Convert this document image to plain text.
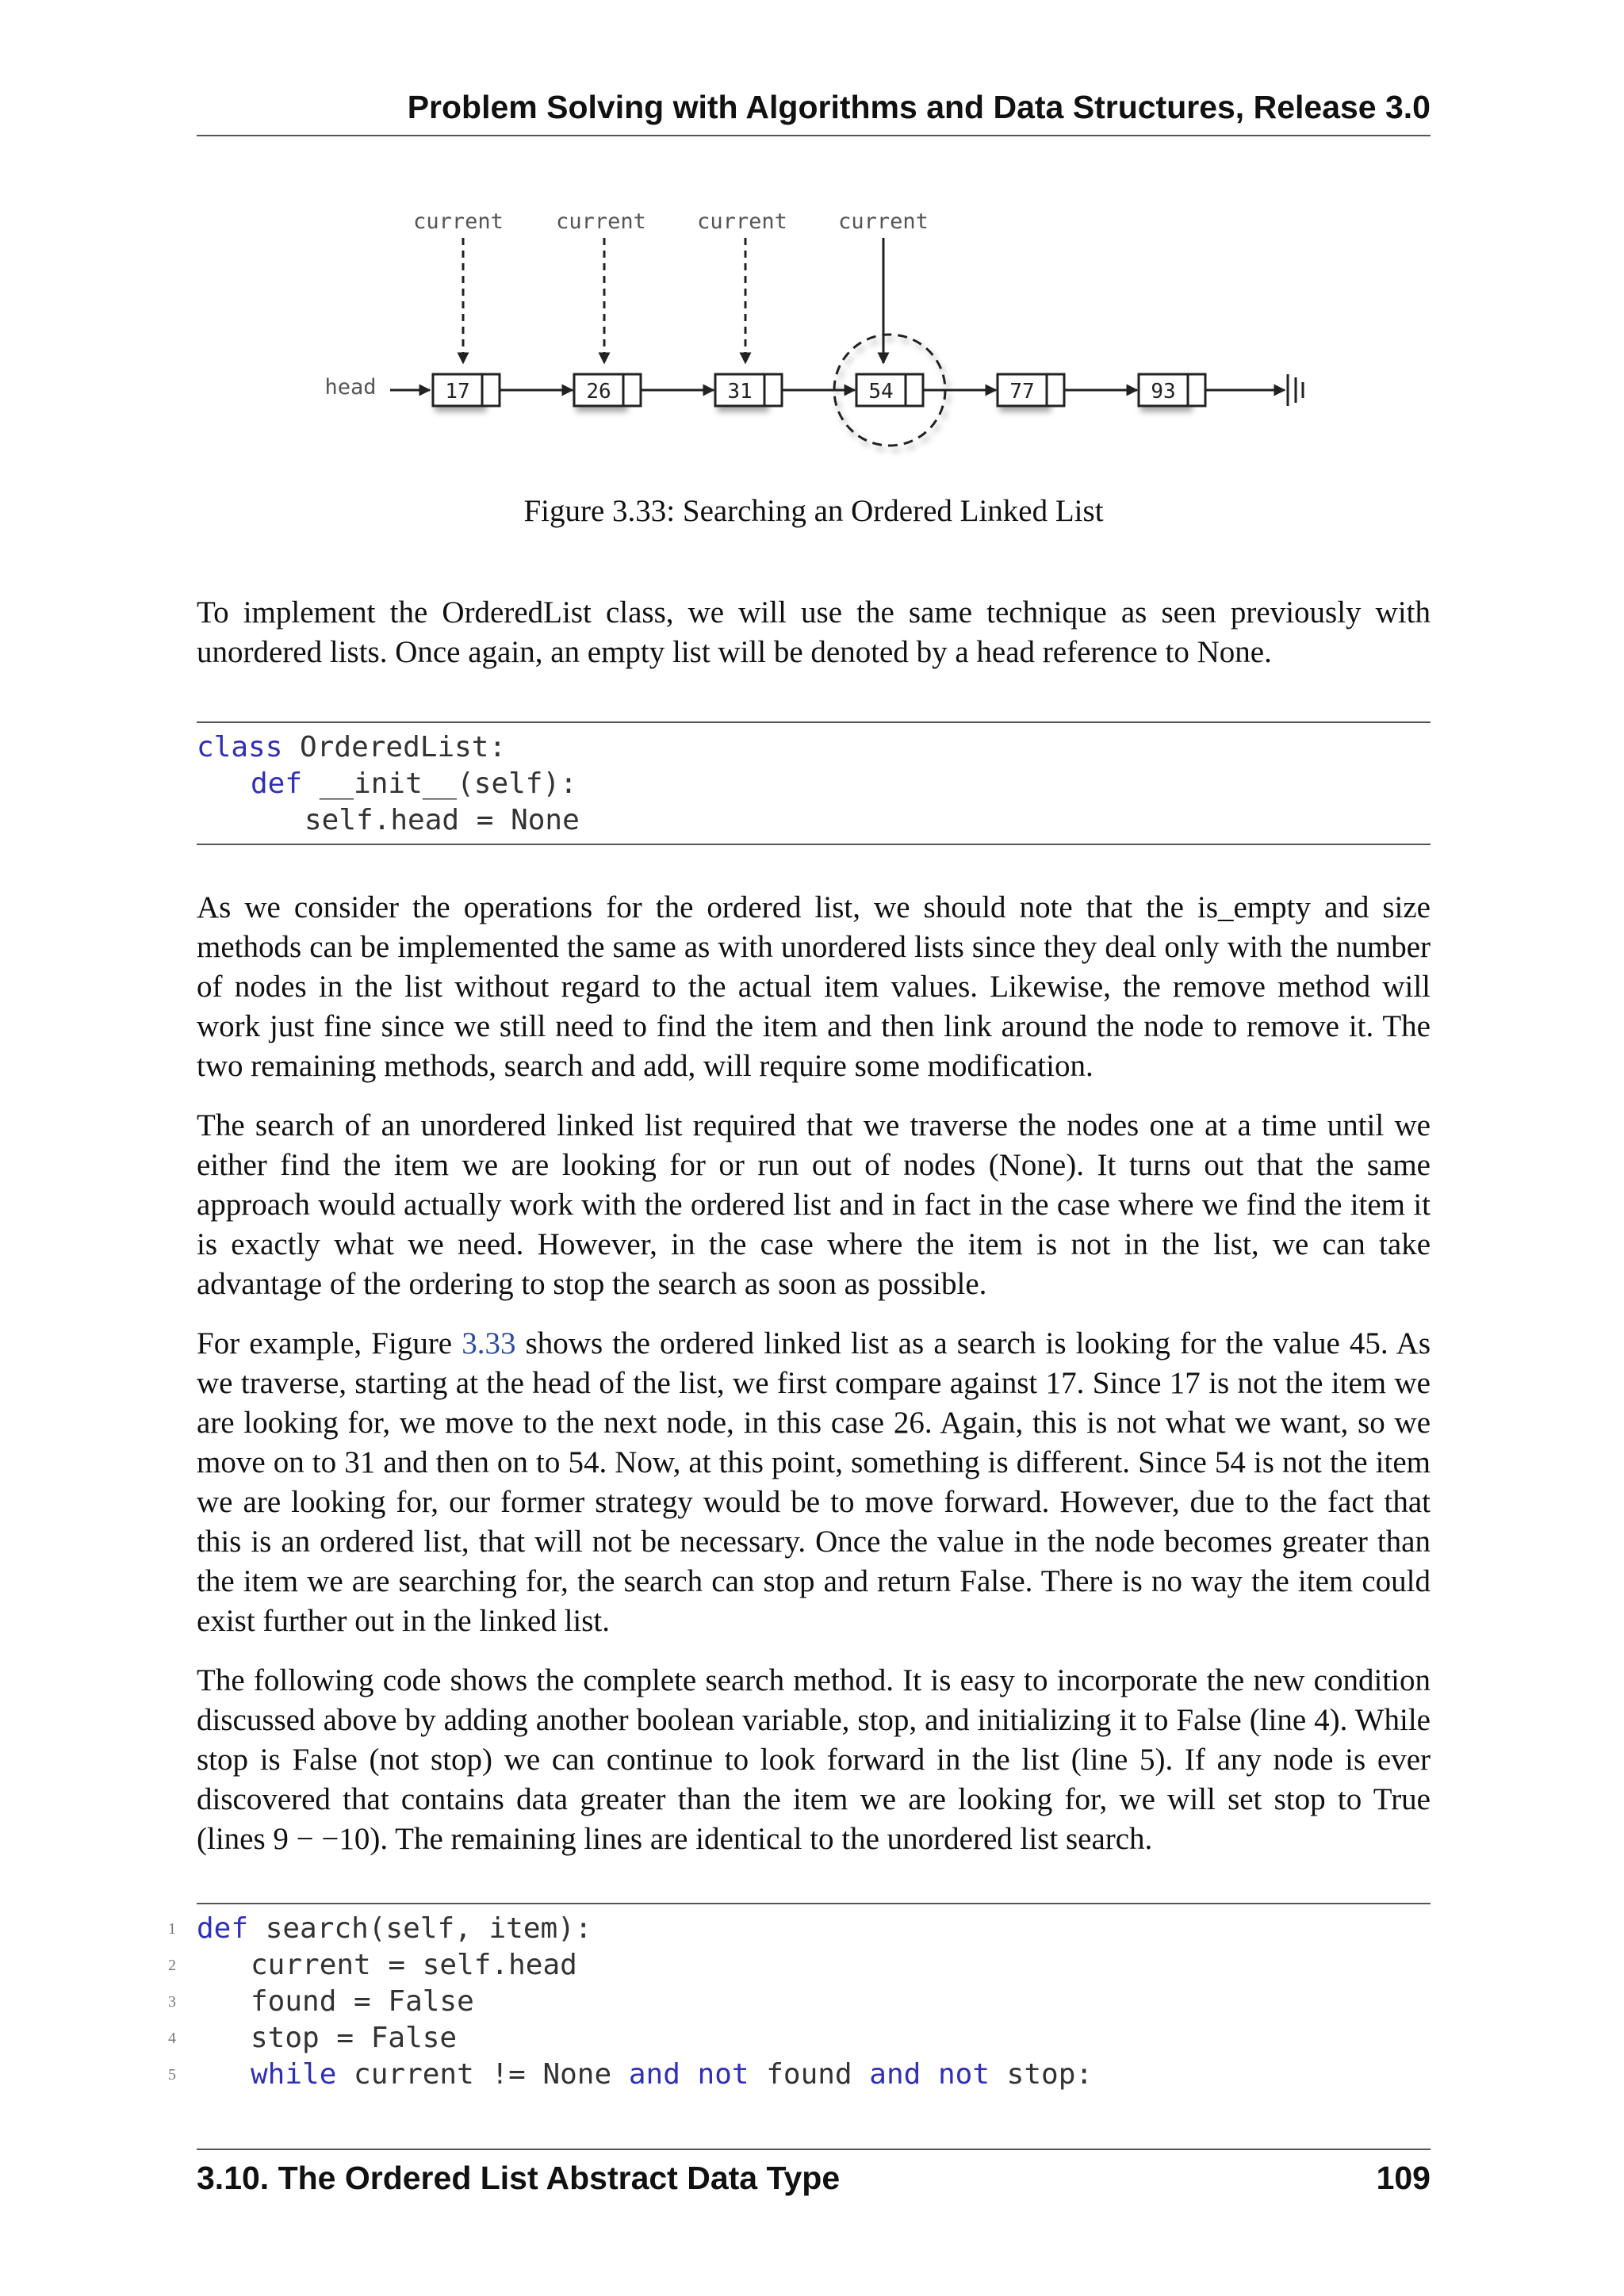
Problem Solving with Algorithms and Data Structures, Release 3.0
current current current current
head	17	26	31	54	77	93
Figure 3.33: Searching an Ordered Linked List

To implement the OrderedList class, we will use the same technique as seen previously with unordered lists. Once again, an empty list will be denoted by a head reference to None.

class OrderedList:
def __init__(self):
self.head = None

As we consider the operations for the ordered list, we should note that the is_empty and size methods can be implemented the same as with unordered lists since they deal only with the number of nodes in the list without regard to the actual item values. Likewise, the remove method will work just fine since we still need to find the item and then link around the node to remove it. The two remaining methods, search and add, will require some modification.

The search of an unordered linked list required that we traverse the nodes one at a time until we either find the item we are looking for or run out of nodes (None). It turns out that the same approach would actually work with the ordered list and in fact in the case where we find the item it is exactly what we need. However, in the case where the item is not in the list, we can take advantage of the ordering to stop the search as soon as possible.

For example, Figure 3.33 shows the ordered linked list as a search is looking for the value 45. As we traverse, starting at the head of the list, we first compare against 17. Since 17 is not the item we are looking for, we move to the next node, in this case 26. Again, this is not what we want, so we move on to 31 and then on to 54. Now, at this point, something is different. Since 54 is not the item we are looking for, our former strategy would be to move forward. However, due to the fact that this is an ordered list, that will not be necessary. Once the value in the node becomes greater than the item we are searching for, the search can stop and return False. There is no way the item could exist further out in the linked list.

The following code shows the complete search method. It is easy to incorporate the new condition discussed above by adding another boolean variable, stop, and initializing it to False (line 4). While stop is False (not stop) we can continue to look forward in the list (line 5). If any node is ever discovered that contains data greater than the item we are looking for, we will set stop to True (lines 9 − −10). The remaining lines are identical to the unordered list search.

1 def search(self, item):
2	current = self.head
3	found = False
4	stop = False
5	while current != None and not found and not stop:
3.10. The Ordered List Abstract Data Type	109
